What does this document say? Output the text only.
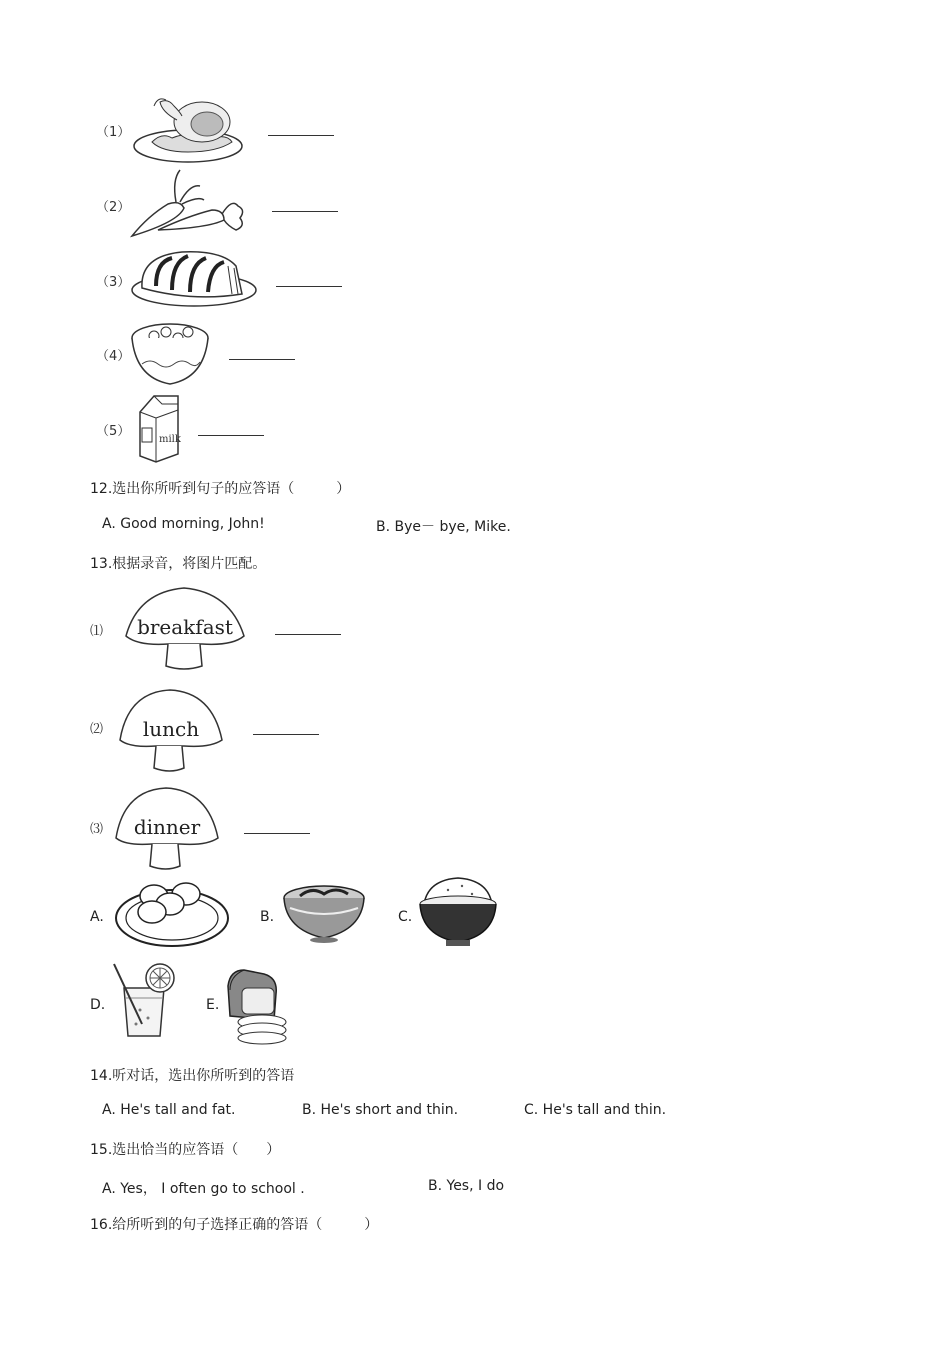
（1）
（2）
（3）
（4）
（5）
milk
12.选出你所听到句子的应答语（　　　）
A. Good morning, John!	B. Bye－ bye, Mike.
13.根据录音，将图片匹配。
⑴ breakfast
⑵ lunch
⑶ dinner
A.	B.	C.
D.	E.
14.听对话，选出你所听到的答语
A. He's tall and fat.	B. He's short and thin.	C. He's tall and thin.
15.选出恰当的应答语（　　）
A. Yes， I often go to school .	B. Yes, I do
16.给所听到的句子选择正确的答语（　　　）
